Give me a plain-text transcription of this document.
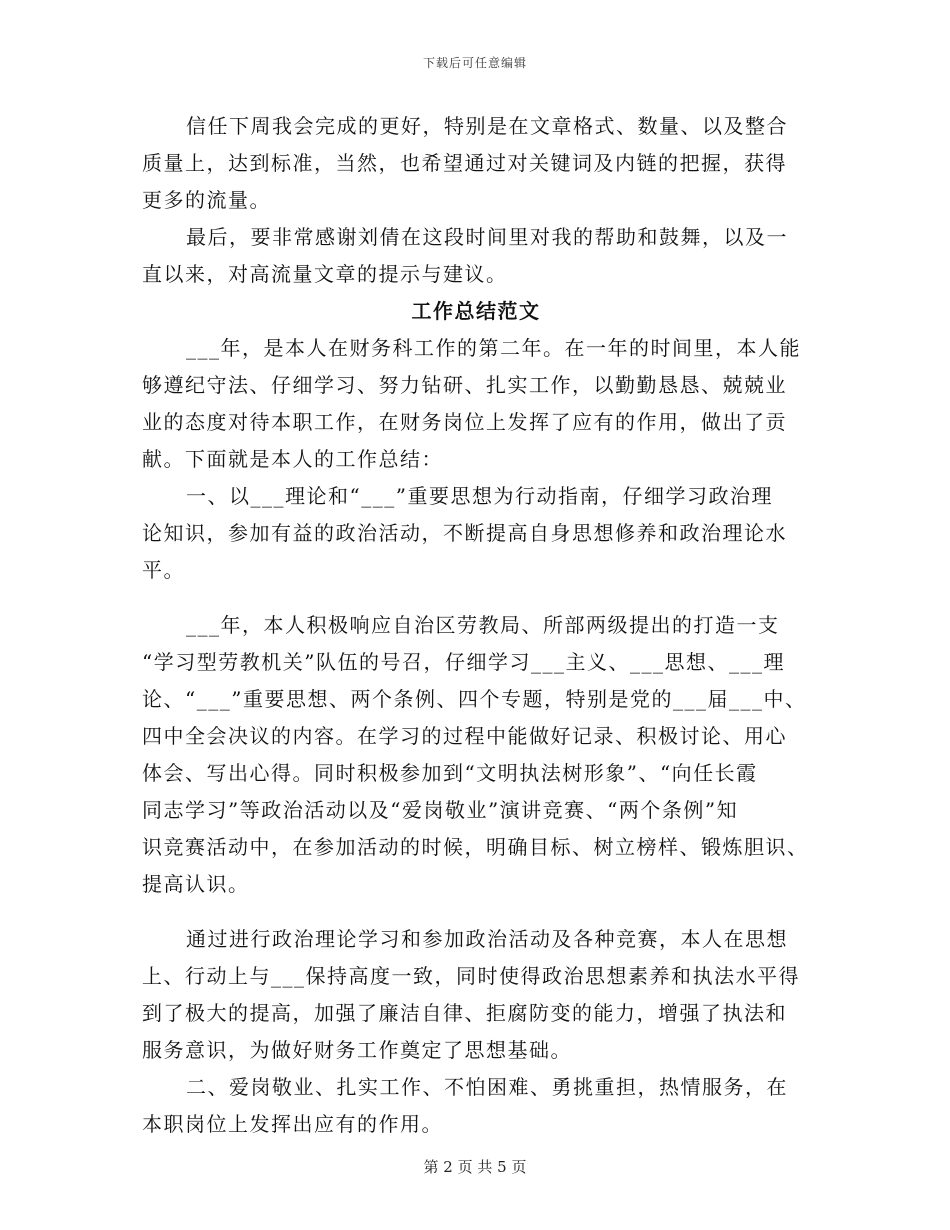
下载后可任意编辑
信任下周我会完成的更好，特别是在文章格式、数量、以及整合
质量上，达到标准，当然，也希望通过对关键词及内链的把握，获得
更多的流量。
最后，要非常感谢刘倩在这段时间里对我的帮助和鼓舞，以及一
直以来，对高流量文章的提示与建议。
工作总结范文
___年，是本人在财务科工作的第二年。在一年的时间里，本人能
够遵纪守法、仔细学习、努力钻研、扎实工作，以勤勤恳恳、兢兢业
业的态度对待本职工作，在财务岗位上发挥了应有的作用，做出了贡
献。下面就是本人的工作总结：
一、以___理论和“___”重要思想为行动指南，仔细学习政治理
论知识，参加有益的政治活动，不断提高自身思想修养和政治理论水
平。
___年，本人积极响应自治区劳教局、所部两级提出的打造一支
“学习型劳教机关”队伍的号召，仔细学习___主义、___思想、___理
论、“___”重要思想、两个条例、四个专题，特别是党的___届___中、
四中全会决议的内容。在学习的过程中能做好记录、积极讨论、用心
体会、写出心得。同时积极参加到“文明执法树形象”、“向任长霞
同志学习”等政治活动以及“爱岗敬业”演讲竞赛、“两个条例”知
识竞赛活动中，在参加活动的时候，明确目标、树立榜样、锻炼胆识、
提高认识。
通过进行政治理论学习和参加政治活动及各种竞赛，本人在思想
上、行动上与___保持高度一致，同时使得政治思想素养和执法水平得
到了极大的提高，加强了廉洁自律、拒腐防变的能力，增强了执法和
服务意识，为做好财务工作奠定了思想基础。
二、爱岗敬业、扎实工作、不怕困难、勇挑重担，热情服务，在
本职岗位上发挥出应有的作用。
第 2 页 共 5 页
